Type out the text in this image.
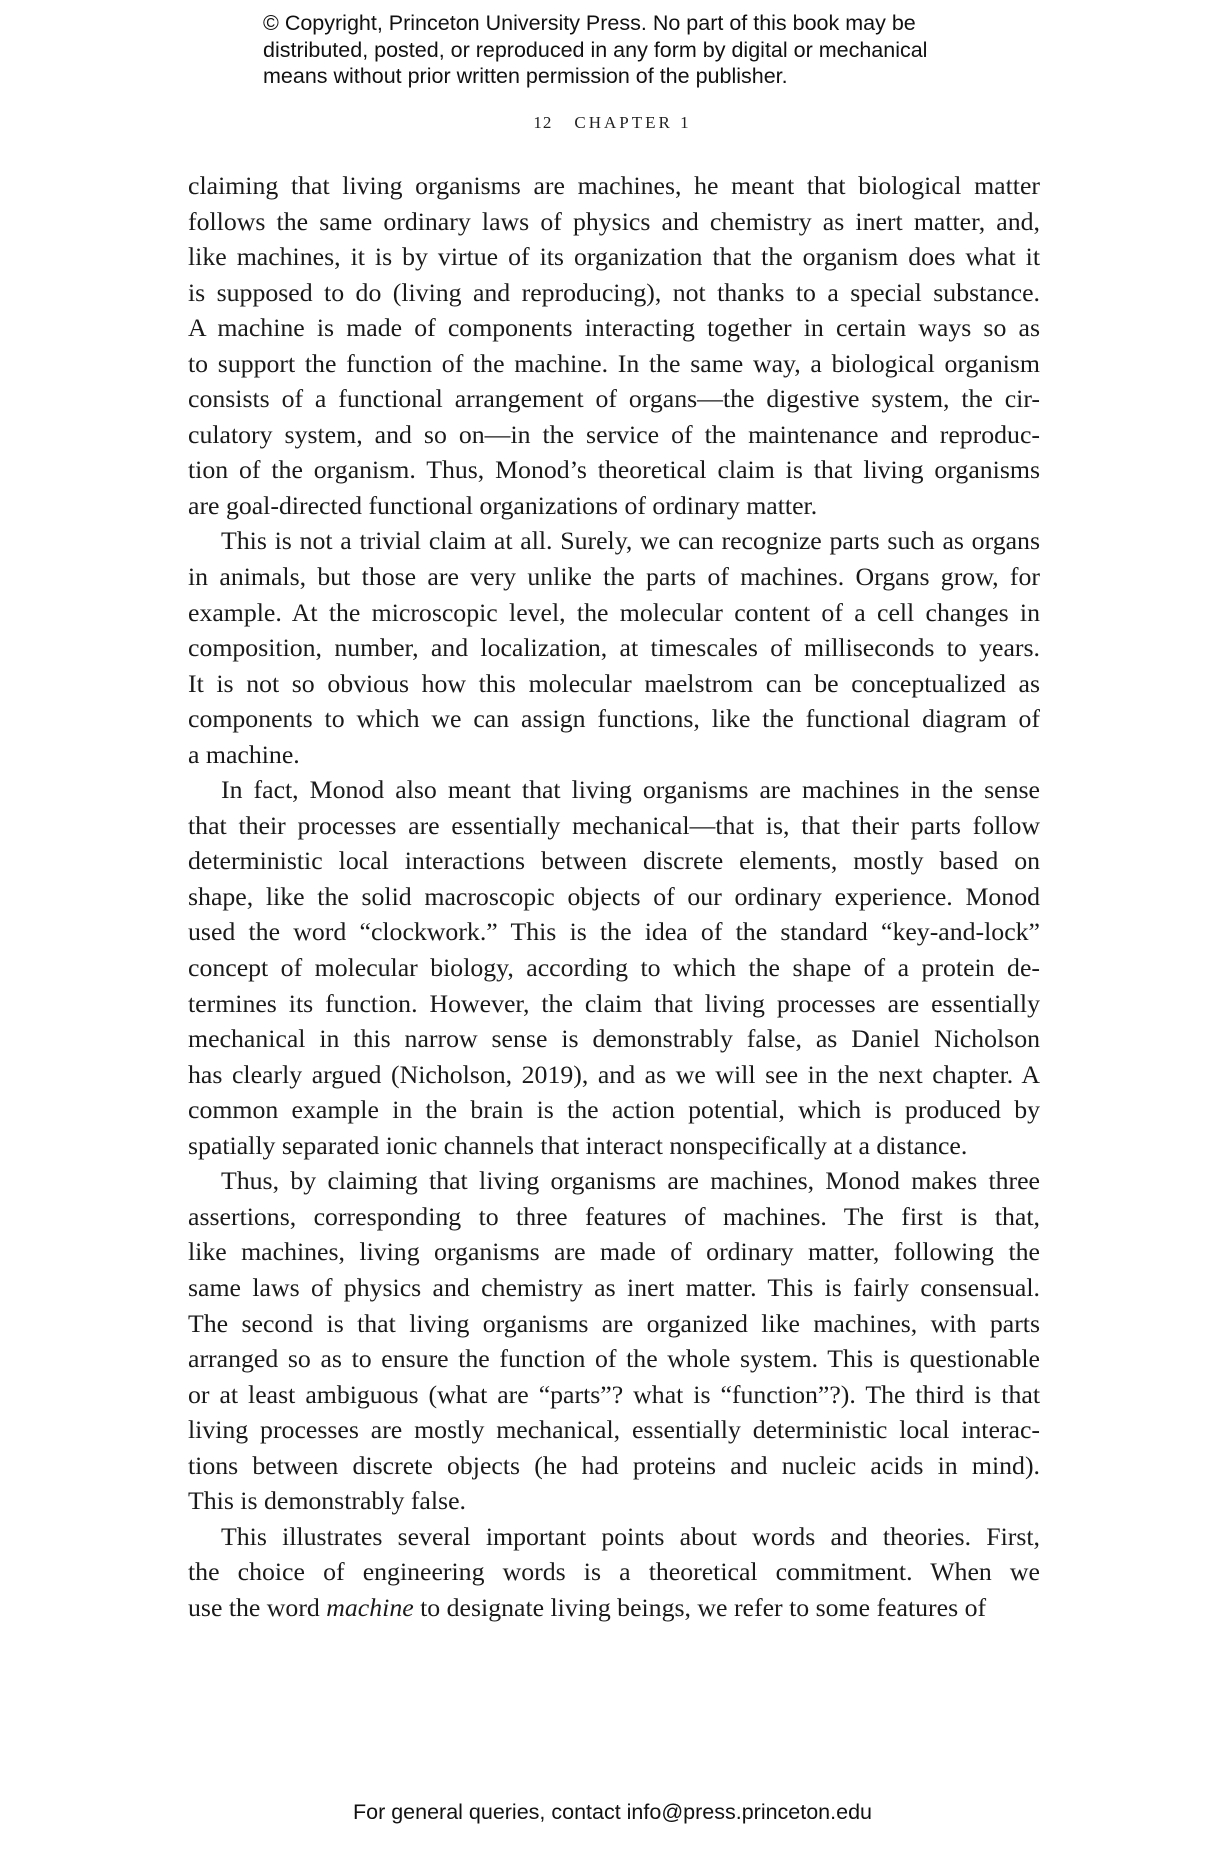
© Copyright, Princeton University Press. No part of this book may be
distributed, posted, or reproduced in any form by digital or mechanical
means without prior written permission of the publisher.
12 CHAPTER 1
claiming that living organisms are machines, he meant that biological matter
follows the same ordinary laws of physics and chemistry as inert matter, and,
like machines, it is by virtue of its organization that the organism does what it
is supposed to do (living and reproducing), not thanks to a special substance.
A machine is made of components interacting together in certain ways so as
to support the function of the machine. In the same way, a biological organism
consists of a functional arrangement of organs—the digestive system, the cir-
culatory system, and so on—in the service of the maintenance and reproduc-
tion of the organism. Thus, Monod’s theoretical claim is that living organisms
are goal-directed functional organizations of ordinary matter.
This is not a trivial claim at all. Surely, we can recognize parts such as organs
in animals, but those are very unlike the parts of machines. Organs grow, for
example. At the microscopic level, the molecular content of a cell changes in
composition, number, and localization, at timescales of milliseconds to years.
It is not so obvious how this molecular maelstrom can be conceptualized as
components to which we can assign functions, like the functional diagram of
a machine.
In fact, Monod also meant that living organisms are machines in the sense
that their processes are essentially mechanical—that is, that their parts follow
deterministic local interactions between discrete elements, mostly based on
shape, like the solid macroscopic objects of our ordinary experience. Monod
used the word “clockwork.” This is the idea of the standard “key-and-lock”
concept of molecular biology, according to which the shape of a protein de-
termines its function. However, the claim that living processes are essentially
mechanical in this narrow sense is demonstrably false, as Daniel Nicholson
has clearly argued (Nicholson, 2019), and as we will see in the next chapter. A
common example in the brain is the action potential, which is produced by
spatially separated ionic channels that interact nonspecifically at a distance.
Thus, by claiming that living organisms are machines, Monod makes three
assertions, corresponding to three features of machines. The first is that,
like machines, living organisms are made of ordinary matter, following the
same laws of physics and chemistry as inert matter. This is fairly consensual.
The second is that living organisms are organized like machines, with parts
arranged so as to ensure the function of the whole system. This is questionable
or at least ambiguous (what are “parts”? what is “function”?). The third is that
living processes are mostly mechanical, essentially deterministic local interac-
tions between discrete objects (he had proteins and nucleic acids in mind).
This is demonstrably false.
This illustrates several important points about words and theories. First,
the choice of engineering words is a theoretical commitment. When we
use the word machine to designate living beings, we refer to some features of
For general queries, contact info@press.princeton.edu
